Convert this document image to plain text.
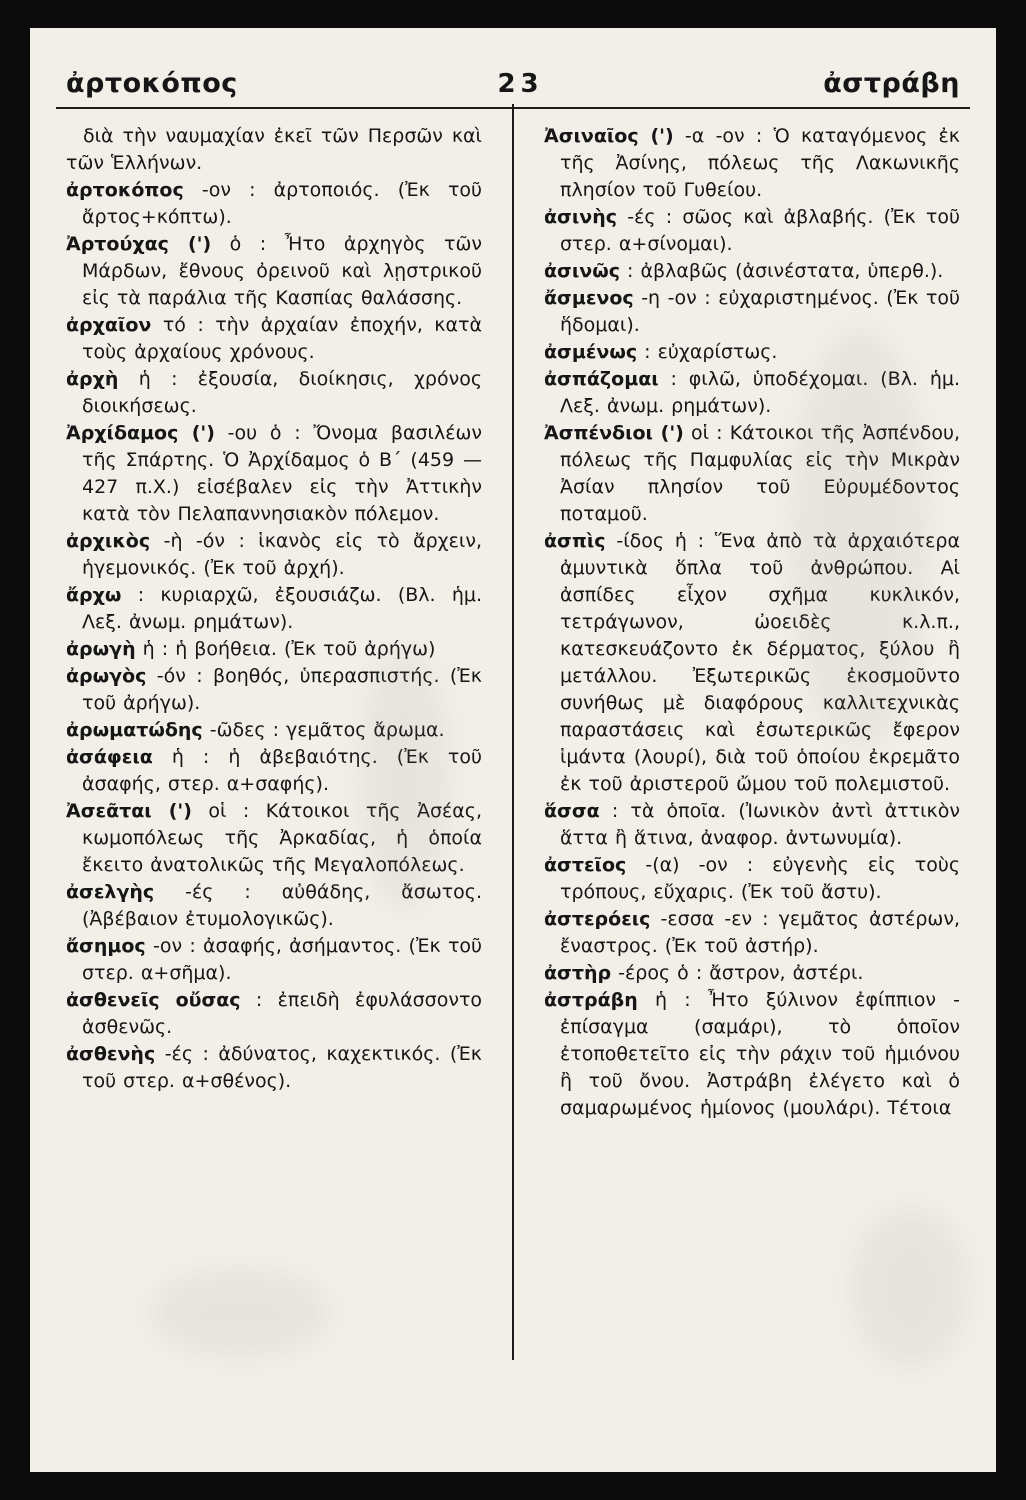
ἀρτοκόπος	23	ἀστράβη

διὰ τὴν ναυμαχίαν ἐκεῖ τῶν Περσῶν καὶ τῶν Ἑλλήνων.

ἀρτοκόπος -ον : ἀρτοποιός. (Ἐκ τοῦ ἄρτος+κόπτω).

Ἀρτούχας (') ὁ : Ἦτο ἀρχηγὸς τῶν Μάρδων, ἔθνους ὀρεινοῦ καὶ λῃστρικοῦ εἰς τὰ παράλια τῆς Κασπίας θαλάσσης.

ἀρχαῖον τό : τὴν ἀρχαίαν ἐποχήν, κατὰ τοὺς ἀρχαίους χρόνους.

ἀρχὴ ἡ : ἐξουσία, διοίκησις, χρόνος διοικήσεως.

Ἀρχίδαμος (') -ου ὁ : Ὄνομα βασιλέων τῆς Σπάρτης. Ὁ Ἀρχίδαμος ὁ Β΄ (459 — 427 π.Χ.) εἰσέβαλεν εἰς τὴν Ἀττικὴν κατὰ τὸν Πελαπαννησιακὸν πόλεμον.

ἀρχικὸς -ὴ -όν : ἱκανὸς εἰς τὸ ἄρχειν, ἡγεμονικός. (Ἐκ τοῦ ἀρχή).

ἄρχω : κυριαρχῶ, ἐξουσιάζω. (Βλ. ἡμ. Λεξ. ἀνωμ. ρημάτων).

ἀρωγὴ ἡ : ἡ βοήθεια. (Ἐκ τοῦ ἀρήγω)

ἀρωγὸς -όν : βοηθός, ὑπερασπιστής. (Ἐκ τοῦ ἀρήγω).

ἀρωματώδης -ῶδες : γεμᾶτος ἄρωμα.

ἀσάφεια ἡ : ἡ ἀβεβαιότης. (Ἐκ τοῦ ἀσαφής, στερ. α+σαφής).

Ἀσεᾶται (') οἱ : Κάτοικοι τῆς Ἀσέας, κωμοπόλεως τῆς Ἀρκαδίας, ἡ ὁποία ἔκειτο ἀνατολικῶς τῆς Μεγαλοπόλεως.

ἀσελγὴς -ές : αὐθάδης, ἄσωτος. (Ἀβέβαιον ἐτυμολογικῶς).

ἄσημος -ον : ἀσαφής, ἀσήμαντος. (Ἐκ τοῦ στερ. α+σῆμα).

ἀσθενεῖς οὔσας : ἐπειδὴ ἐφυλάσσοντο ἀσθενῶς.

ἀσθενὴς -ές : ἀδύνατος, καχεκτικός. (Ἐκ τοῦ στερ. α+σθένος).

Ἀσιναῖος (') -α -ον : Ὁ καταγόμενος ἐκ τῆς Ἀσίνης, πόλεως τῆς Λακωνικῆς πλησίον τοῦ Γυθείου.

ἀσινὴς -ές : σῶος καὶ ἀβλαβής. (Ἐκ τοῦ στερ. α+σίνομαι).

ἀσινῶς : ἀβλαβῶς (ἀσινέστατα, ὑπερθ.).

ἄσμενος -η -ον : εὐχαριστημένος. (Ἐκ τοῦ ἥδομαι).

ἀσμένως : εὐχαρίστως.

ἀσπάζομαι : φιλῶ, ὑποδέχομαι. (Βλ. ἡμ. Λεξ. ἀνωμ. ρημάτων).

Ἀσπένδιοι (') οἱ : Κάτοικοι τῆς Ἀσπένδου, πόλεως τῆς Παμφυλίας εἰς τὴν Μικρὰν Ἀσίαν πλησίον τοῦ Εὐρυμέδοντος ποταμοῦ.

ἀσπὶς -ίδος ἡ : Ἕνα ἀπὸ τὰ ἀρχαιότερα ἀμυντικὰ ὅπλα τοῦ ἀνθρώπου. Αἱ ἀσπίδες εἶχον σχῆμα κυκλικόν, τετράγωνον, ὠοειδὲς κ.λ.π., κατεσκευάζοντο ἐκ δέρματος, ξύλου ἢ μετάλλου. Ἐξωτερικῶς ἐκοσμοῦντο συνήθως μὲ διαφόρους καλλιτεχνικὰς παραστάσεις καὶ ἐσωτερικῶς ἔφερον ἱμάντα (λουρί), διὰ τοῦ ὁποίου ἐκρεμᾶτο ἐκ τοῦ ἀριστεροῦ ὤμου τοῦ πολεμιστοῦ.

ἅσσα : τὰ ὁποῖα. (Ἰωνικὸν ἀντὶ ἀττικὸν ἅττα ἢ ἅτινα, ἀναφορ. ἀντωνυμία).

ἀστεῖος -(α) -ον : εὐγενὴς εἰς τοὺς τρόπους, εὔχαρις. (Ἐκ τοῦ ἄστυ).

ἀστερόεις -εσσα -εν : γεμᾶτος ἀστέρων, ἔναστρος. (Ἐκ τοῦ ἀστήρ).

ἀστὴρ -έρος ὁ : ἄστρον, ἀστέρι.

ἀστράβη ἡ : Ἦτο ξύλινον ἐφίππιον - ἐπίσαγμα (σαμάρι), τὸ ὁποῖον ἐτοποθετεῖτο εἰς τὴν ράχιν τοῦ ἡμιόνου ἢ τοῦ ὄνου. Ἀστράβη ἐλέγετο καὶ ὁ σαμαρωμένος ἡμίονος (μουλάρι). Τέτοια
